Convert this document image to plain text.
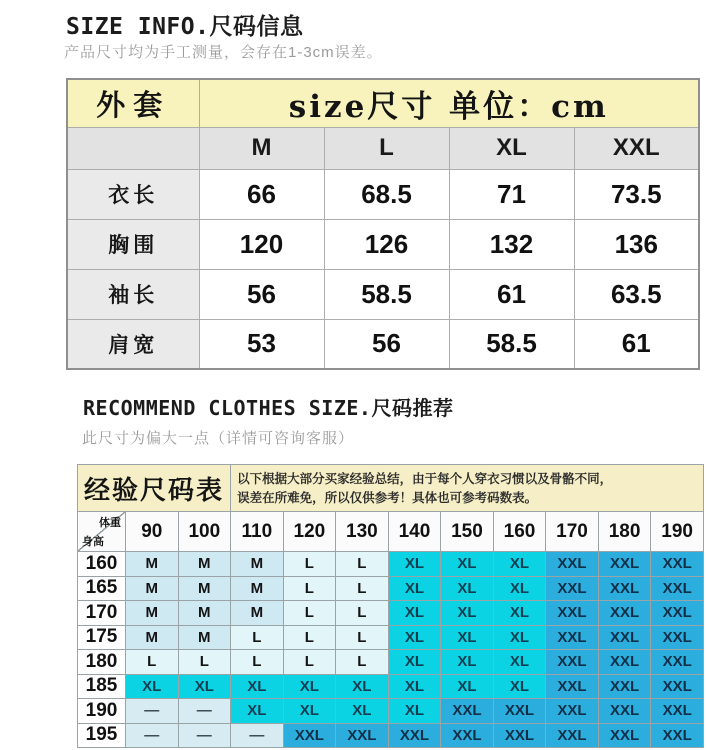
SIZE INFO.尺码信息
产品尺寸均为手工测量，会存在1-3cm误差。
外套	size尺寸 单位：cm			
	M	L	XL	XXL
衣长	66	68.5	71	73.5
胸围	120	126	132	136
袖长	56	58.5	61	63.5
肩宽	53	56	58.5	61
RECOMMEND CLOTHES SIZE.尺码推荐
此尺寸为偏大一点（详情可咨询客服）
经验尺码表			以下根据大部分买家经验总结，由于每个人穿衣习惯以及骨骼不同，
误差在所难免，所以仅供参考！具体也可参考码数表。								

体重
身高	90	100	110	120	130	140	150	160	170	180	190
160	M	M	M	L	L	XL	XL	XL	XXL	XXL	XXL
165	M	M	M	L	L	XL	XL	XL	XXL	XXL	XXL
170	M	M	M	L	L	XL	XL	XL	XXL	XXL	XXL
175	M	M	L	L	L	XL	XL	XL	XXL	XXL	XXL
180	L	L	L	L	L	XL	XL	XL	XXL	XXL	XXL
185	XL	XL	XL	XL	XL	XL	XL	XL	XXL	XXL	XXL
190	—	—	XL	XL	XL	XL	XXL	XXL	XXL	XXL	XXL
195	—	—	—	XXL	XXL	XXL	XXL	XXL	XXL	XXL	XXL
